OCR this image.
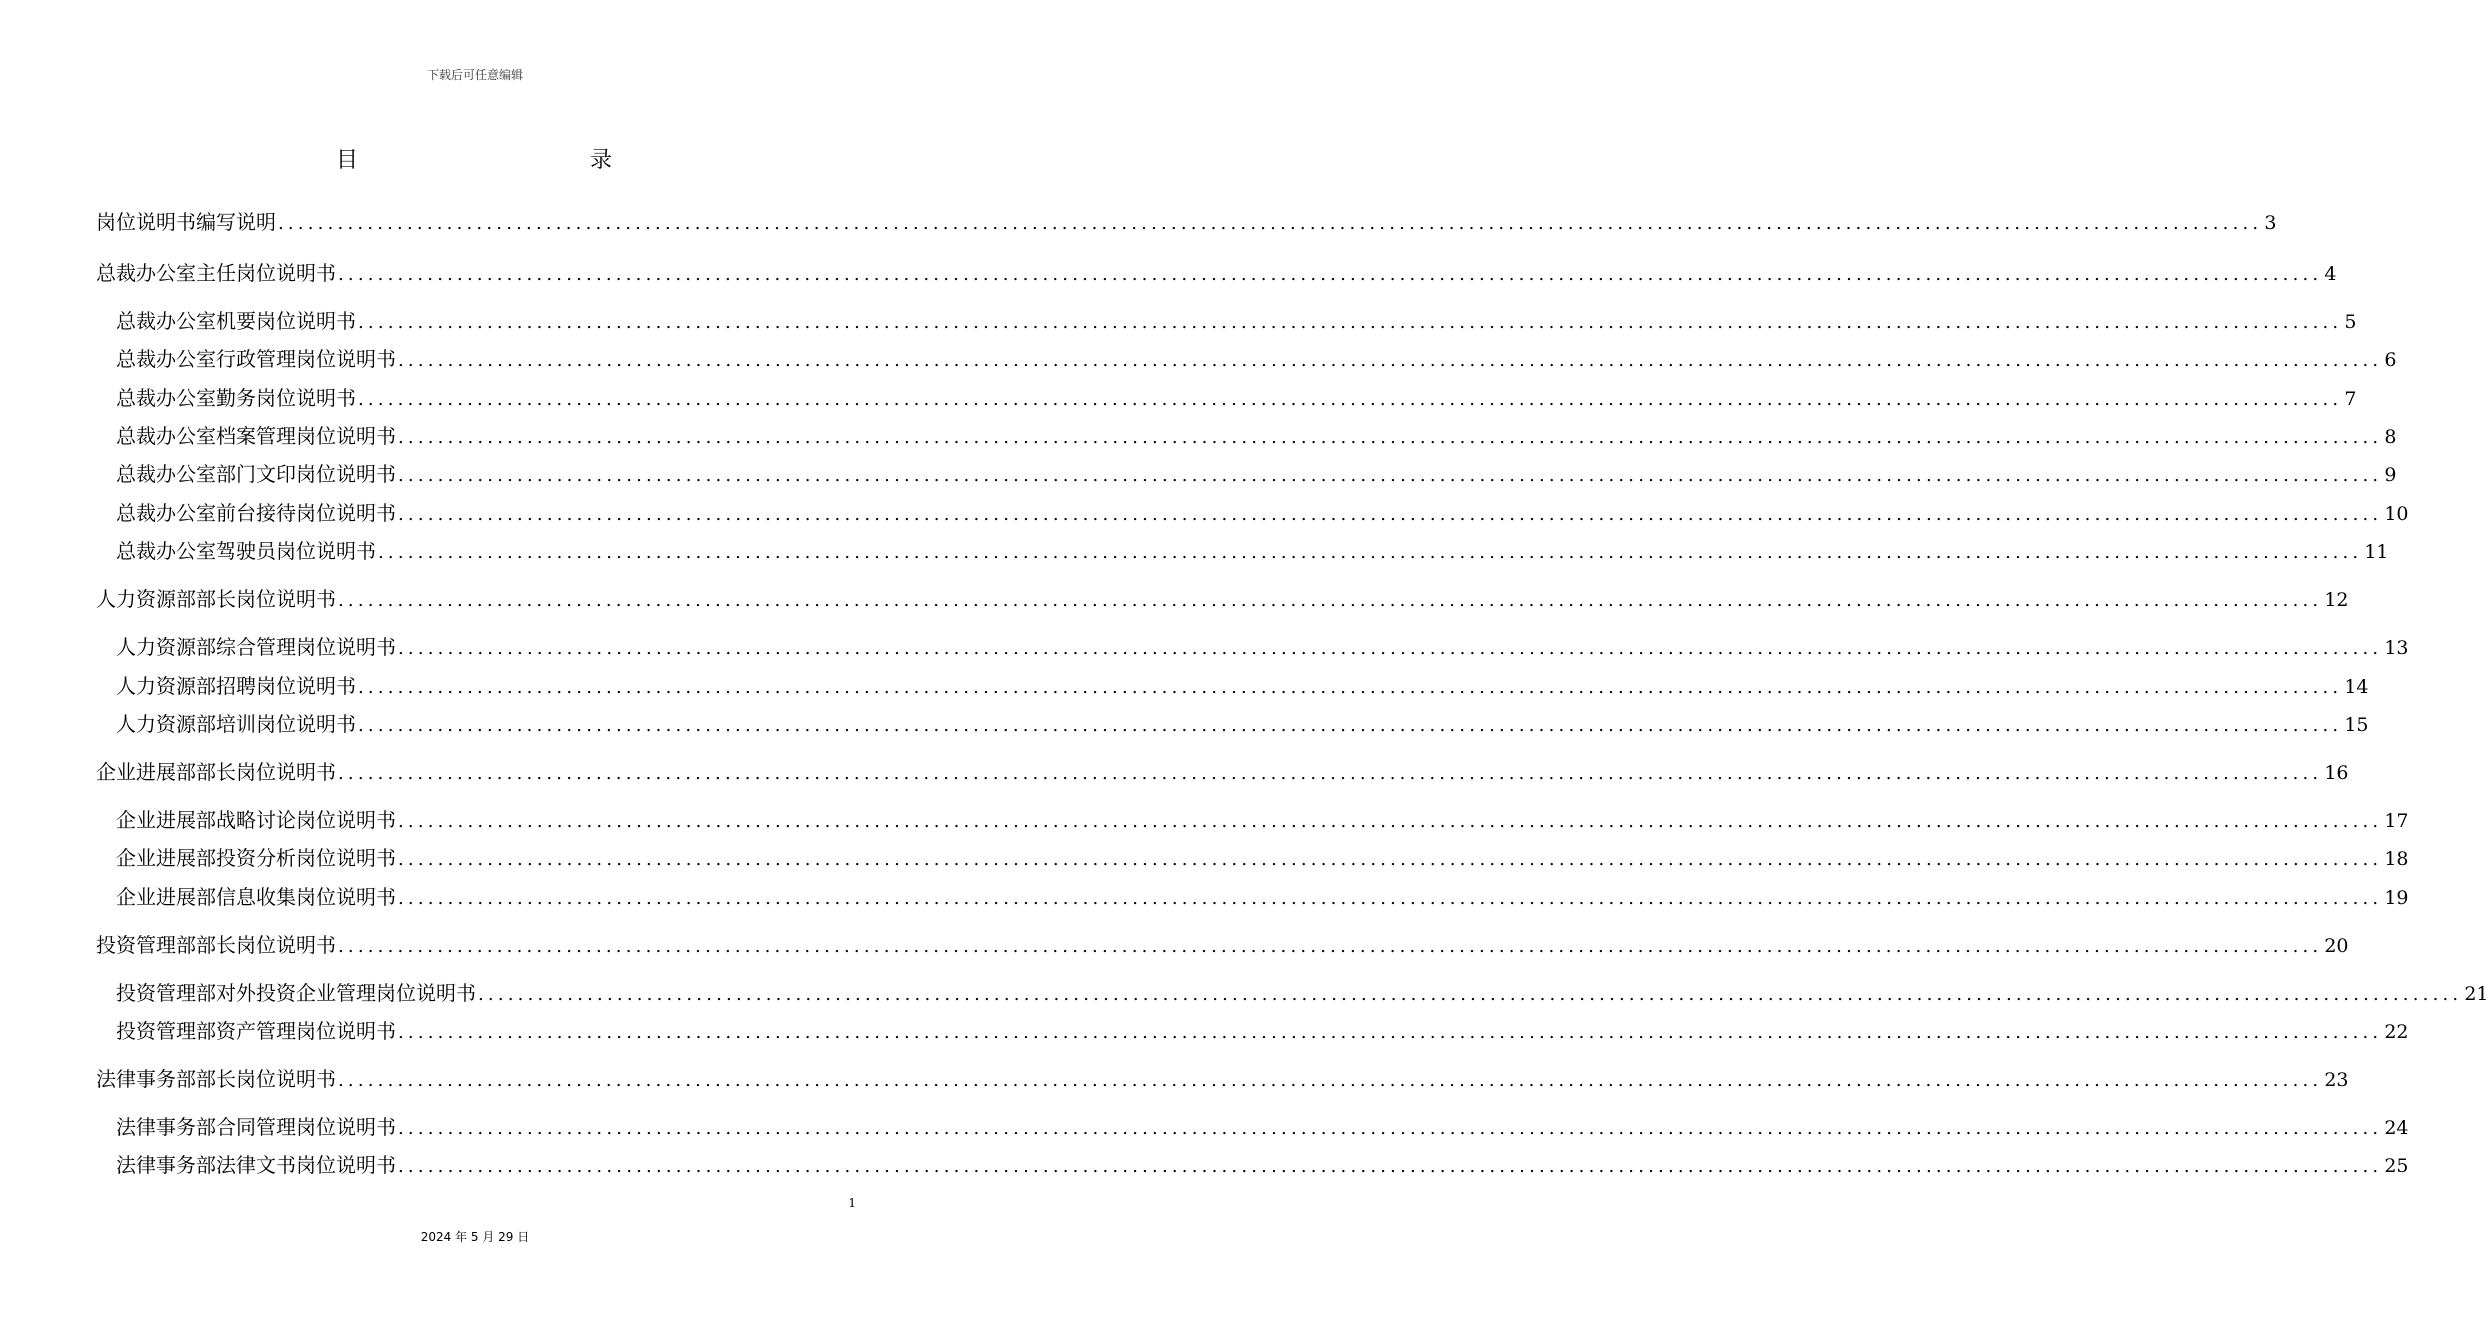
下载后可任意编辑
目	录
岗位说明书编写说明 ........................................................................................................................................................................................................ 3
总裁办公室主任岗位说明书 ........................................................................................................................................................................................................ 4
总裁办公室机要岗位说明书 ........................................................................................................................................................................................................ 5
总裁办公室行政管理岗位说明书 ........................................................................................................................................................................................................ 6
总裁办公室勤务岗位说明书 ........................................................................................................................................................................................................ 7
总裁办公室档案管理岗位说明书 ........................................................................................................................................................................................................ 8
总裁办公室部门文印岗位说明书 ........................................................................................................................................................................................................ 9
总裁办公室前台接待岗位说明书 ........................................................................................................................................................................................................ 10
总裁办公室驾驶员岗位说明书 ........................................................................................................................................................................................................ 11
人力资源部部长岗位说明书 ........................................................................................................................................................................................................ 12
人力资源部综合管理岗位说明书 ........................................................................................................................................................................................................ 13
人力资源部招聘岗位说明书 ........................................................................................................................................................................................................ 14
人力资源部培训岗位说明书 ........................................................................................................................................................................................................ 15
企业进展部部长岗位说明书 ........................................................................................................................................................................................................ 16
企业进展部战略讨论岗位说明书 ........................................................................................................................................................................................................ 17
企业进展部投资分析岗位说明书 ........................................................................................................................................................................................................ 18
企业进展部信息收集岗位说明书 ........................................................................................................................................................................................................ 19
投资管理部部长岗位说明书 ........................................................................................................................................................................................................ 20
投资管理部对外投资企业管理岗位说明书 ........................................................................................................................................................................................................ 21
投资管理部资产管理岗位说明书 ........................................................................................................................................................................................................ 22
法律事务部部长岗位说明书 ........................................................................................................................................................................................................ 23
法律事务部合同管理岗位说明书 ........................................................................................................................................................................................................ 24
法律事务部法律文书岗位说明书 ........................................................................................................................................................................................................ 25
1
2024 年 5 月 29 日
